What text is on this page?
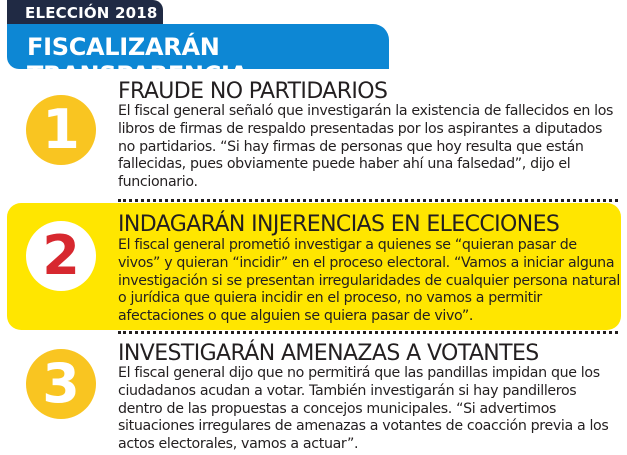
ELECCIÓN 2018
FISCALIZARÁN TRANSPARENCIA
1
FRAUDE NO PARTIDARIOS
El fiscal general señaló que investigarán la existencia de fallecidos en los libros de firmas de respaldo presentadas por los aspirantes a diputados no partidarios. “Si hay firmas de personas que hoy resulta que están fallecidas, pues obviamente puede haber ahí una falsedad”, dijo el funcionario.
2	INDAGARÁN INJERENCIAS EN ELECCIONES
El fiscal general prometió investigar a quienes se “quieran pasar de vivos” y quieran “incidir” en el proceso electoral. “Vamos a iniciar alguna investigación si se presentan irregularidades de cualquier persona natural o jurídica que quiera incidir en el proceso, no vamos a permitir afectaciones o que alguien se quiera pasar de vivo”.
3	INVESTIGARÁN AMENAZAS A VOTANTES
El fiscal general dijo que no permitirá que las pandillas impidan que los ciudadanos acudan a votar. También investigarán si hay pandilleros dentro de las propuestas a concejos municipales. “Si advertimos situaciones irregulares de amenazas a votantes de coacción previa a los actos electorales, vamos a actuar”.
